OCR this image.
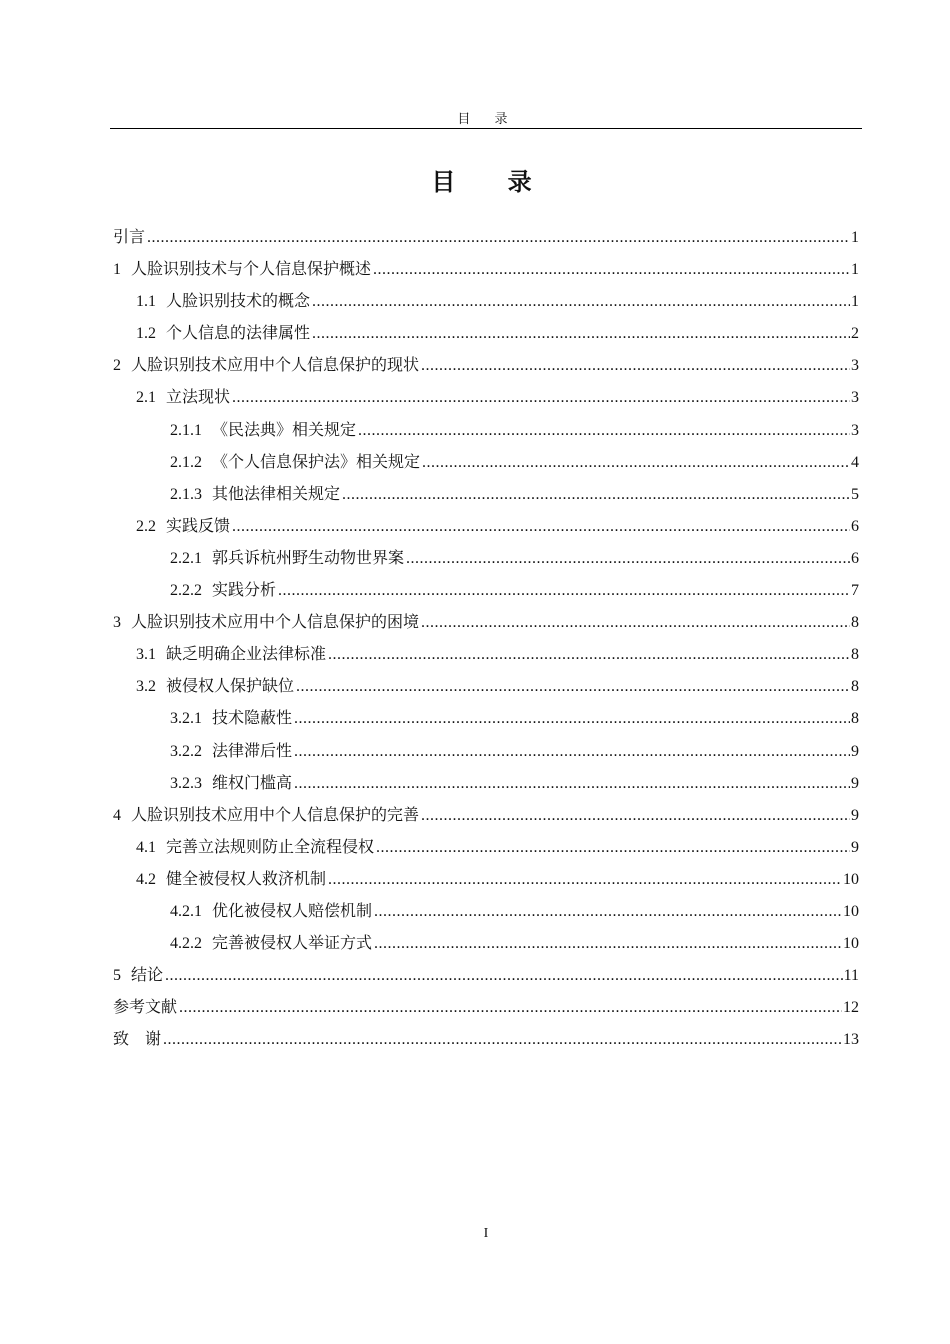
目 录
目 录
引言 .....	1
1 人脸识别技术与个人信息保护概述 .....	1
1.1 人脸识别技术的概念 .....	1
1.2 个人信息的法律属性 .....	2
2 人脸识别技术应用中个人信息保护的现状 .....	3
2.1 立法现状 .....	3
2.1.1 《民法典》相关规定 .....	3
2.1.2 《个人信息保护法》相关规定 .....	4
2.1.3 其他法律相关规定 .....	5
2.2 实践反馈 .....	6
2.2.1 郭兵诉杭州野生动物世界案 .....	6
2.2.2 实践分析 .....	7
3 人脸识别技术应用中个人信息保护的困境 .....	8
3.1 缺乏明确企业法律标准 .....	8
3.2 被侵权人保护缺位 .....	8
3.2.1 技术隐蔽性 .....	8
3.2.2 法律滞后性 .....	9
3.2.3 维权门槛高 .....	9
4 人脸识别技术应用中个人信息保护的完善 .....	9
4.1 完善立法规则防止全流程侵权 .....	9
4.2 健全被侵权人救济机制 .....	10
4.2.1 优化被侵权人赔偿机制 .....	10
4.2.2 完善被侵权人举证方式 .....	10
5 结论 .....	11
参考文献 .....	12
致　谢 .....	13
I
